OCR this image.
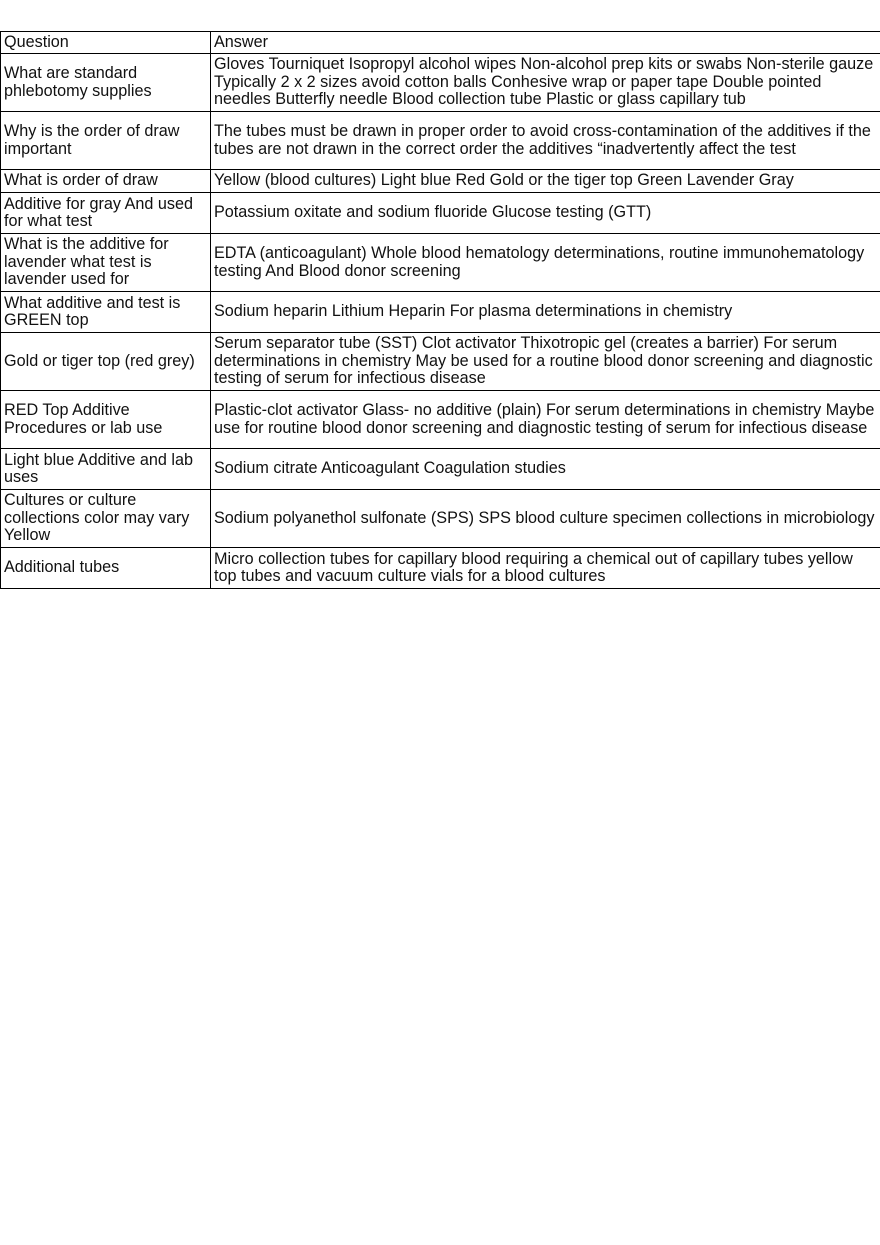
Question	Answer
What are standard phlebotomy supplies	Gloves Tourniquet Isopropyl alcohol wipes Non-alcohol prep kits or swabs Non-sterile gauze Typically 2 x 2 sizes avoid cotton balls Conhesive wrap or paper tape Double pointed needles Butterfly needle Blood collection tube Plastic or glass capillary tub
Why is the order of draw important	The tubes must be drawn in proper order to avoid cross-contamination of the additives if the tubes are not drawn in the correct order the additives “inadvertently affect the test
What is order of draw	Yellow (blood cultures) Light blue Red Gold or the tiger top Green Lavender Gray
Additive for gray And used for what test	Potassium oxitate and sodium fluoride Glucose testing (GTT)
What is the additive for lavender what test is lavender used for	EDTA (anticoagulant) Whole blood hematology determinations, routine immunohematology testing And Blood donor screening
What additive and test is GREEN top	Sodium heparin Lithium Heparin For plasma determinations in chemistry
Gold or tiger top (red grey)	Serum separator tube (SST) Clot activator Thixotropic gel (creates a barrier) For serum determinations in chemistry May be used for a routine blood donor screening and diagnostic testing of serum for infectious disease
RED Top Additive Procedures or lab use	Plastic-clot activator Glass- no additive (plain) For serum determinations in chemistry Maybe use for routine blood donor screening and diagnostic testing of serum for infectious disease
Light blue Additive and lab uses	Sodium citrate Anticoagulant Coagulation studies
Cultures or culture collections color may vary Yellow	Sodium polyanethol sulfonate (SPS) SPS blood culture specimen collections in microbiology
Additional tubes	Micro collection tubes for capillary blood requiring a chemical out of capillary tubes yellow top tubes and vacuum culture vials for a blood cultures
